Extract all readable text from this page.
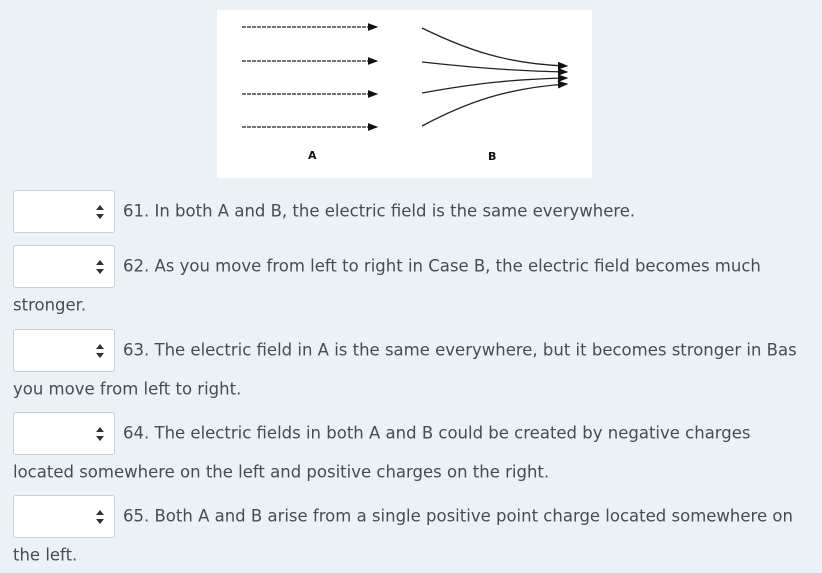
A	B
61. In both A and B, the electric field is the same everywhere.
62. As you move from left to right in Case B, the electric field becomes much stronger.
63. The electric field in A is the same everywhere, but it becomes stronger in Bas you move from left to right.
64. The electric fields in both A and B could be created by negative charges located somewhere on the left and positive charges on the right.
65. Both A and B arise from a single positive point charge located somewhere on the left.
